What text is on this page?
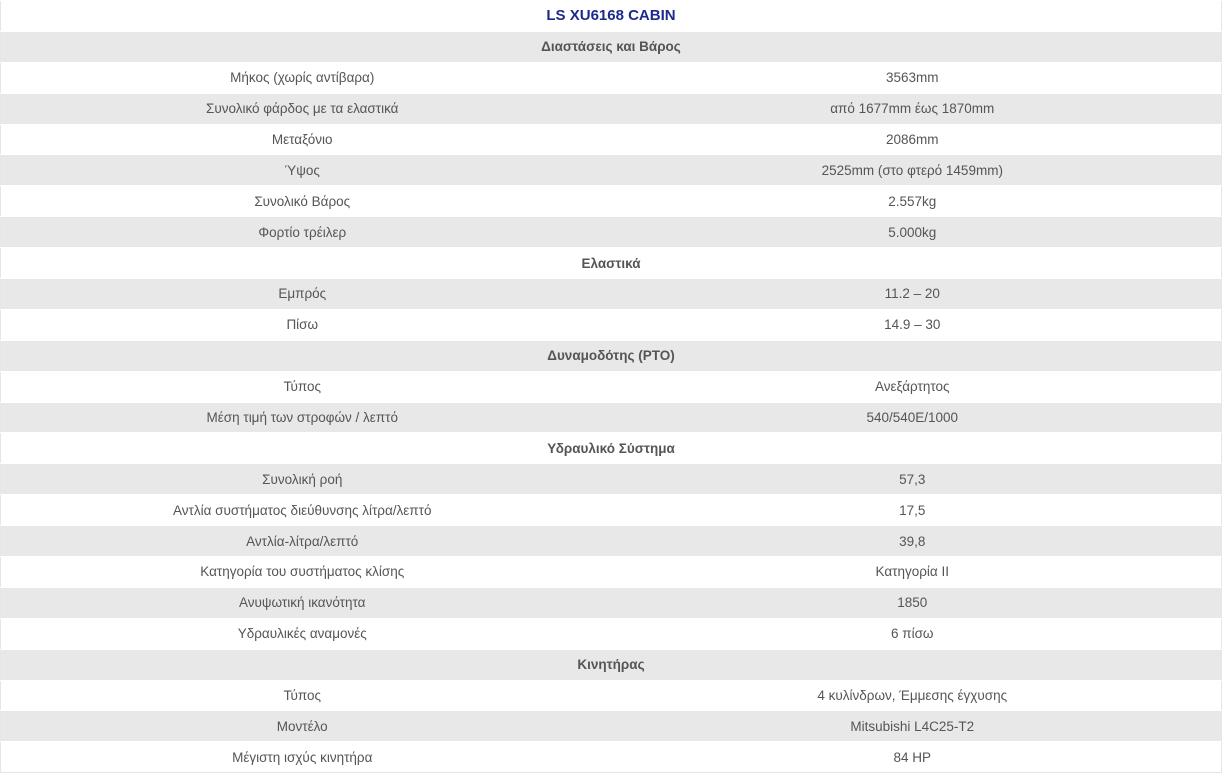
LS XU6168 CABIN	
Διαστάσεις και Βάρος	
Μήκος (χωρίς αντίβαρα)	3563mm
Συνολικό φάρδος με τα ελαστικά	από 1677mm έως 1870mm
Μεταξόνιο	2086mm
Ύψος	2525mm (στο φτερό 1459mm)
Συνολικό Βάρος	2.557kg
Φορτίο τρέιλερ	5.000kg
Ελαστικά	
Εμπρός	11.2 – 20
Πίσω	14.9 – 30
Δυναμοδότης (PTO)	
Τύπος	Ανεξάρτητος
Μέση τιμή των στροφών / λεπτό	540/540E/1000
Υδραυλικό Σύστημα	
Συνολική ροή	57,3
Αντλία συστήματος διεύθυνσης λίτρα/λεπτό	17,5
Αντλία-λίτρα/λεπτό	39,8
Κατηγορία του συστήματος κλίσης	Κατηγορία II
Ανυψωτική ικανότητα	1850
Υδραυλικές αναμονές	6 πίσω
Κινητήρας	
Τύπος	4 κυλίνδρων, Έμμεσης έγχυσης
Μοντέλο	Mitsubishi L4C25-T2
Μέγιστη ισχύς κινητήρα	84 HP
